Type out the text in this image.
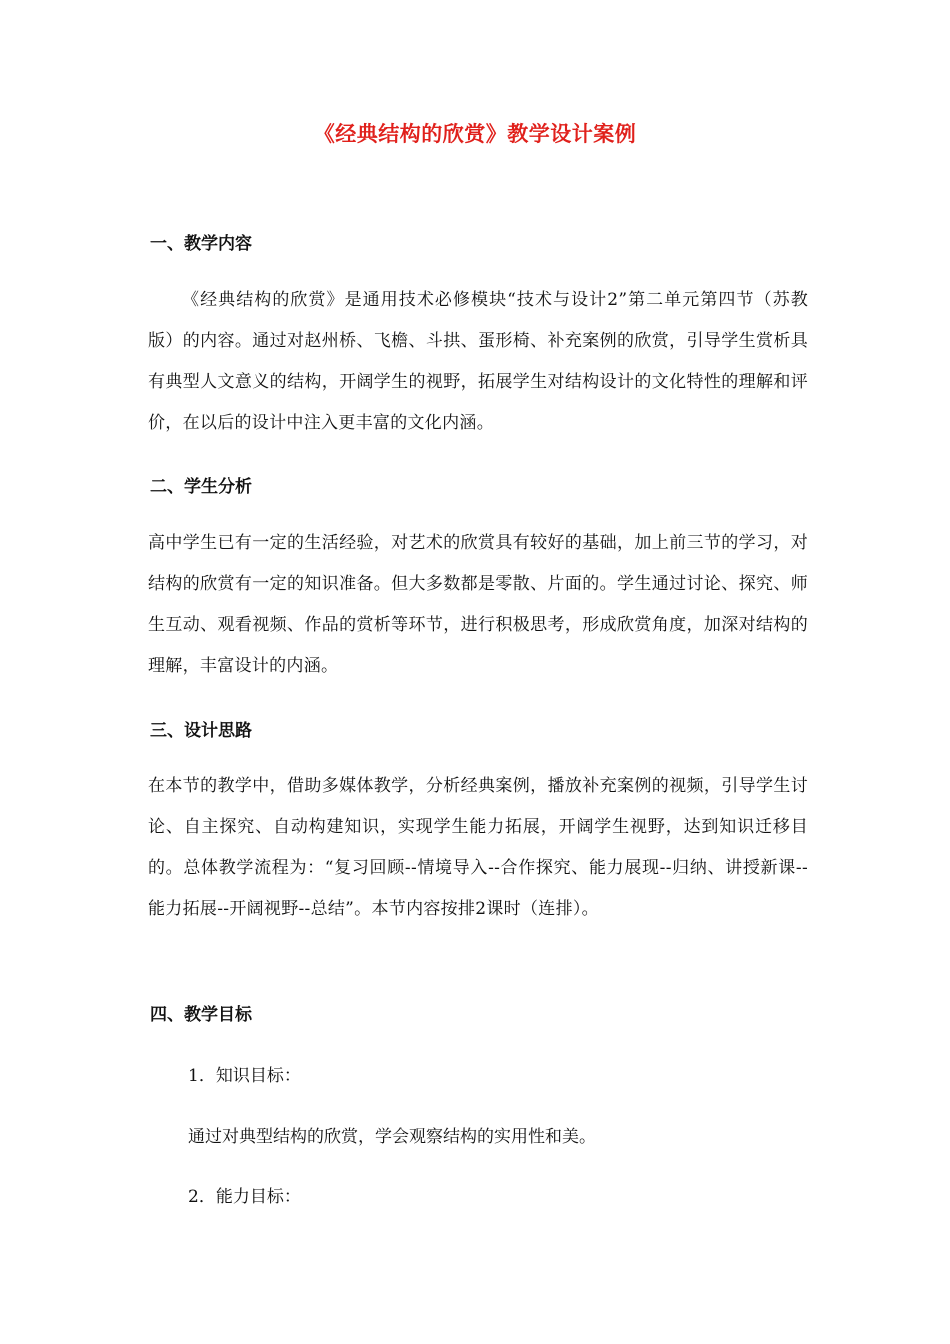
《经典结构的欣赏》教学设计案例
一、教学内容
《经典结构的欣赏》是通用技术必修模块“技术与设计2”第二单元第四节（苏教版）的内容。通过对赵州桥、飞檐、斗拱、蛋形椅、补充案例的欣赏，引导学生赏析具有典型人文意义的结构，开阔学生的视野，拓展学生对结构设计的文化特性的理解和评价，在以后的设计中注入更丰富的文化内涵。
二、学生分析
高中学生已有一定的生活经验，对艺术的欣赏具有较好的基础，加上前三节的学习，对结构的欣赏有一定的知识准备。但大多数都是零散、片面的。学生通过讨论、探究、师生互动、观看视频、作品的赏析等环节，进行积极思考，形成欣赏角度，加深对结构的理解，丰富设计的内涵。
三、设计思路
在本节的教学中，借助多媒体教学，分析经典案例，播放补充案例的视频，引导学生讨论、自主探究、自动构建知识，实现学生能力拓展，开阔学生视野，达到知识迁移目的。总体教学流程为：“复习回顾--情境导入--合作探究、能力展现--归纳、讲授新课--能力拓展--开阔视野--总结”。本节内容按排2课时（连排）。
四、教学目标
1．知识目标：
通过对典型结构的欣赏，学会观察结构的实用性和美。
2．能力目标：
